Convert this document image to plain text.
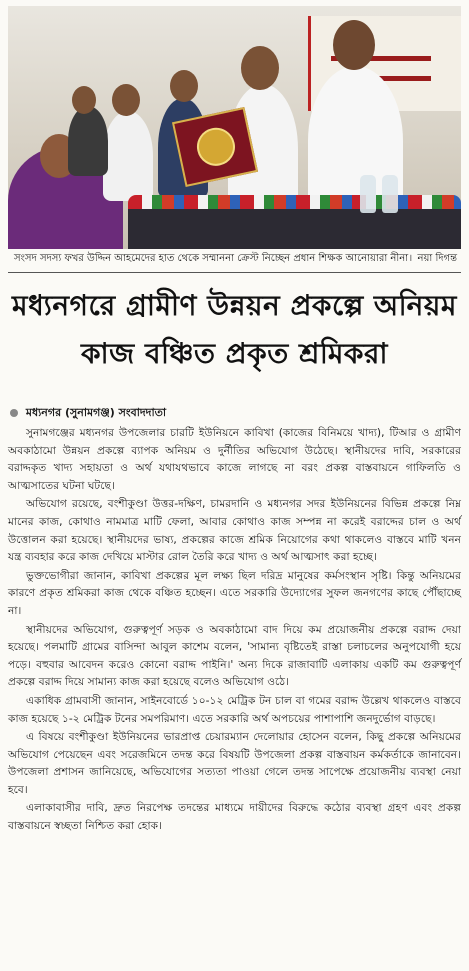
সংসদ সদস্য ফখর উদ্দিন আহমেদের হাত থেকে সম্মাননা ক্রেস্ট নিচ্ছেন প্রধান শিক্ষক আনোয়ারা নীনা । নয়া দিগন্ত
মধ্যনগরে গ্রামীণ উন্নয়ন প্রকল্পে অনিয়ম
কাজ বঞ্চিত প্রকৃত শ্রমিকরা
মধ্যনগর (সুনামগঞ্জ) সংবাদদাতা

সুনামগঞ্জের মধ্যনগর উপজেলার চারটি ইউনিয়নে কাবিখা (কাজের বিনিময়ে খাদ্য), টিআর ও গ্রামীণ অবকাঠামো উন্নয়ন প্রকল্পে ব্যাপক অনিয়ম ও দুর্নীতির অভিযোগ উঠেছে। স্থানীয়দের দাবি, সরকারের বরাদ্দকৃত খাদ্য সহায়তা ও অর্থ যথাযথভাবে কাজে লাগছে না বরং প্রকল্প বাস্তবায়নে গাফিলতি ও আত্মসাতের ঘটনা ঘটছে।

অভিযোগ রয়েছে, বংশীকুণ্ডা উত্তর-দক্ষিণ, চামরদানি ও মধ্যনগর সদর ইউনিয়নের বিভিন্ন প্রকল্পে নিম্ন মানের কাজ, কোথাও নামমাত্র মাটি ফেলা, আবার কোথাও কাজ সম্পন্ন না করেই বরাদ্দের চাল ও অর্থ উত্তোলন করা হয়েছে। স্থানীয়দের ভাষ্য, প্রকল্পের কাজে শ্রমিক নিয়োগের কথা থাকলেও বাস্তবে মাটি খনন যন্ত্র ব্যবহার করে কাজ দেখিয়ে মাস্টার রোল তৈরি করে খাদ্য ও অর্থ আত্মসাৎ করা হচ্ছে।

ভুক্তভোগীরা জানান, কাবিখা প্রকল্পের মূল লক্ষ্য ছিল দরিদ্র মানুষের কর্মসংস্থান সৃষ্টি। কিন্তু অনিয়মের কারণে প্রকৃত শ্রমিকরা কাজ থেকে বঞ্চিত হচ্ছেন। এতে সরকারি উদ্যোগের সুফল জনগণের কাছে পৌঁছাচ্ছে না।

স্থানীয়দের অভিযোগ, গুরুত্বপূর্ণ সড়ক ও অবকাঠামো বাদ দিয়ে কম প্রয়োজনীয় প্রকল্পে বরাদ্দ দেয়া হয়েছে। পলমাটি গ্রামের বাসিন্দা আবুল কাশেম বলেন, 'সামান্য বৃষ্টিতেই রাস্তা চলাচলের অনুপযোগী হয়ে পড়ে। বহুবার আবেদন করেও কোনো বরাদ্দ পাইনি।' অন্য দিকে রাজাবাটি এলাকায় একটি কম গুরুত্বপূর্ণ প্রকল্পে বরাদ্দ দিয়ে সামান্য কাজ করা হয়েছে বলেও অভিযোগ ওঠে।

একাধিক গ্রামবাসী জানান, সাইনবোর্ডে ১০-১২ মেট্রিক টন চাল বা গমের বরাদ্দ উল্লেখ থাকলেও বাস্তবে কাজ হয়েছে ১-২ মেট্রিক টনের সমপরিমাণ। এতে সরকারি অর্থ অপচয়ের পাশাপাশি জনদুর্ভোগ বাড়ছে।

এ বিষয়ে বংশীকুণ্ডা ইউনিয়নের ভারপ্রাপ্ত চেয়ারম্যান দেলোয়ার হোসেন বলেন, কিছু প্রকল্পে অনিয়মের অভিযোগ পেয়েছেন এবং সরেজমিনে তদন্ত করে বিষয়টি উপজেলা প্রকল্প বাস্তবায়ন কর্মকর্তাকে জানাবেন। উপজেলা প্রশাসন জানিয়েছে, অভিযোগের সত্যতা পাওয়া গেলে তদন্ত সাপেক্ষে প্রয়োজনীয় ব্যবস্থা নেয়া হবে।

এলাকাবাসীর দাবি, দ্রুত নিরপেক্ষ তদন্তের মাধ্যমে দায়ীদের বিরুদ্ধে কঠোর ব্যবস্থা গ্রহণ এবং প্রকল্প বাস্তবায়নে স্বচ্ছতা নিশ্চিত করা হোক।
